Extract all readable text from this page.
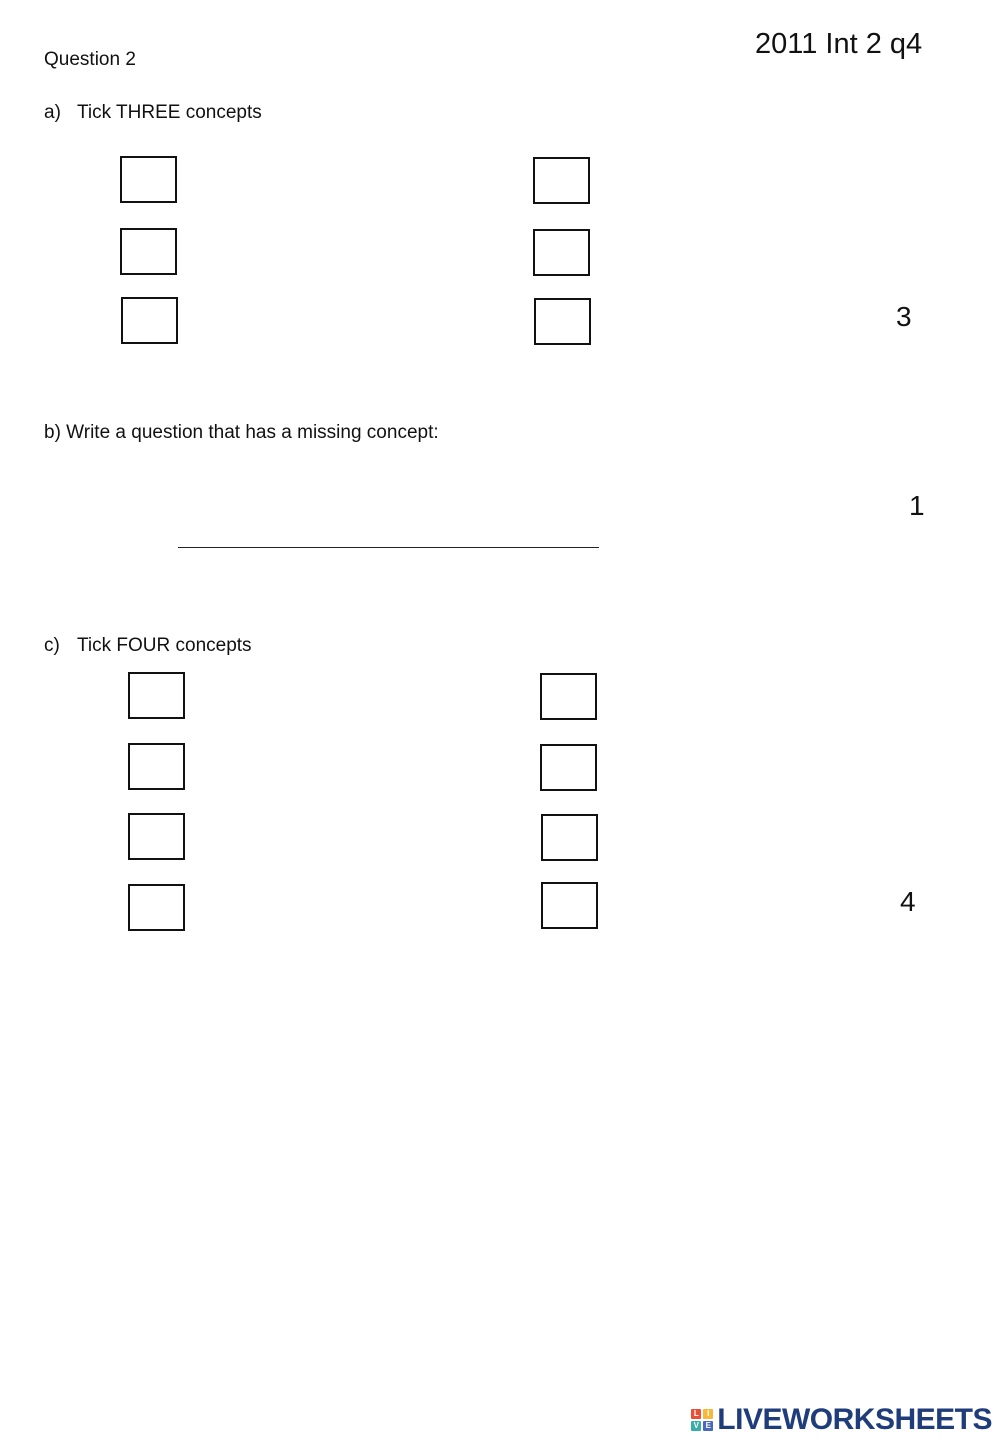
Question 2	2011 Int 2 q4
a) Tick THREE concepts
3
b) Write a question that has a missing concept:
1
c) Tick FOUR concepts
4
L	I
V E LIVEWORKSHEETS
